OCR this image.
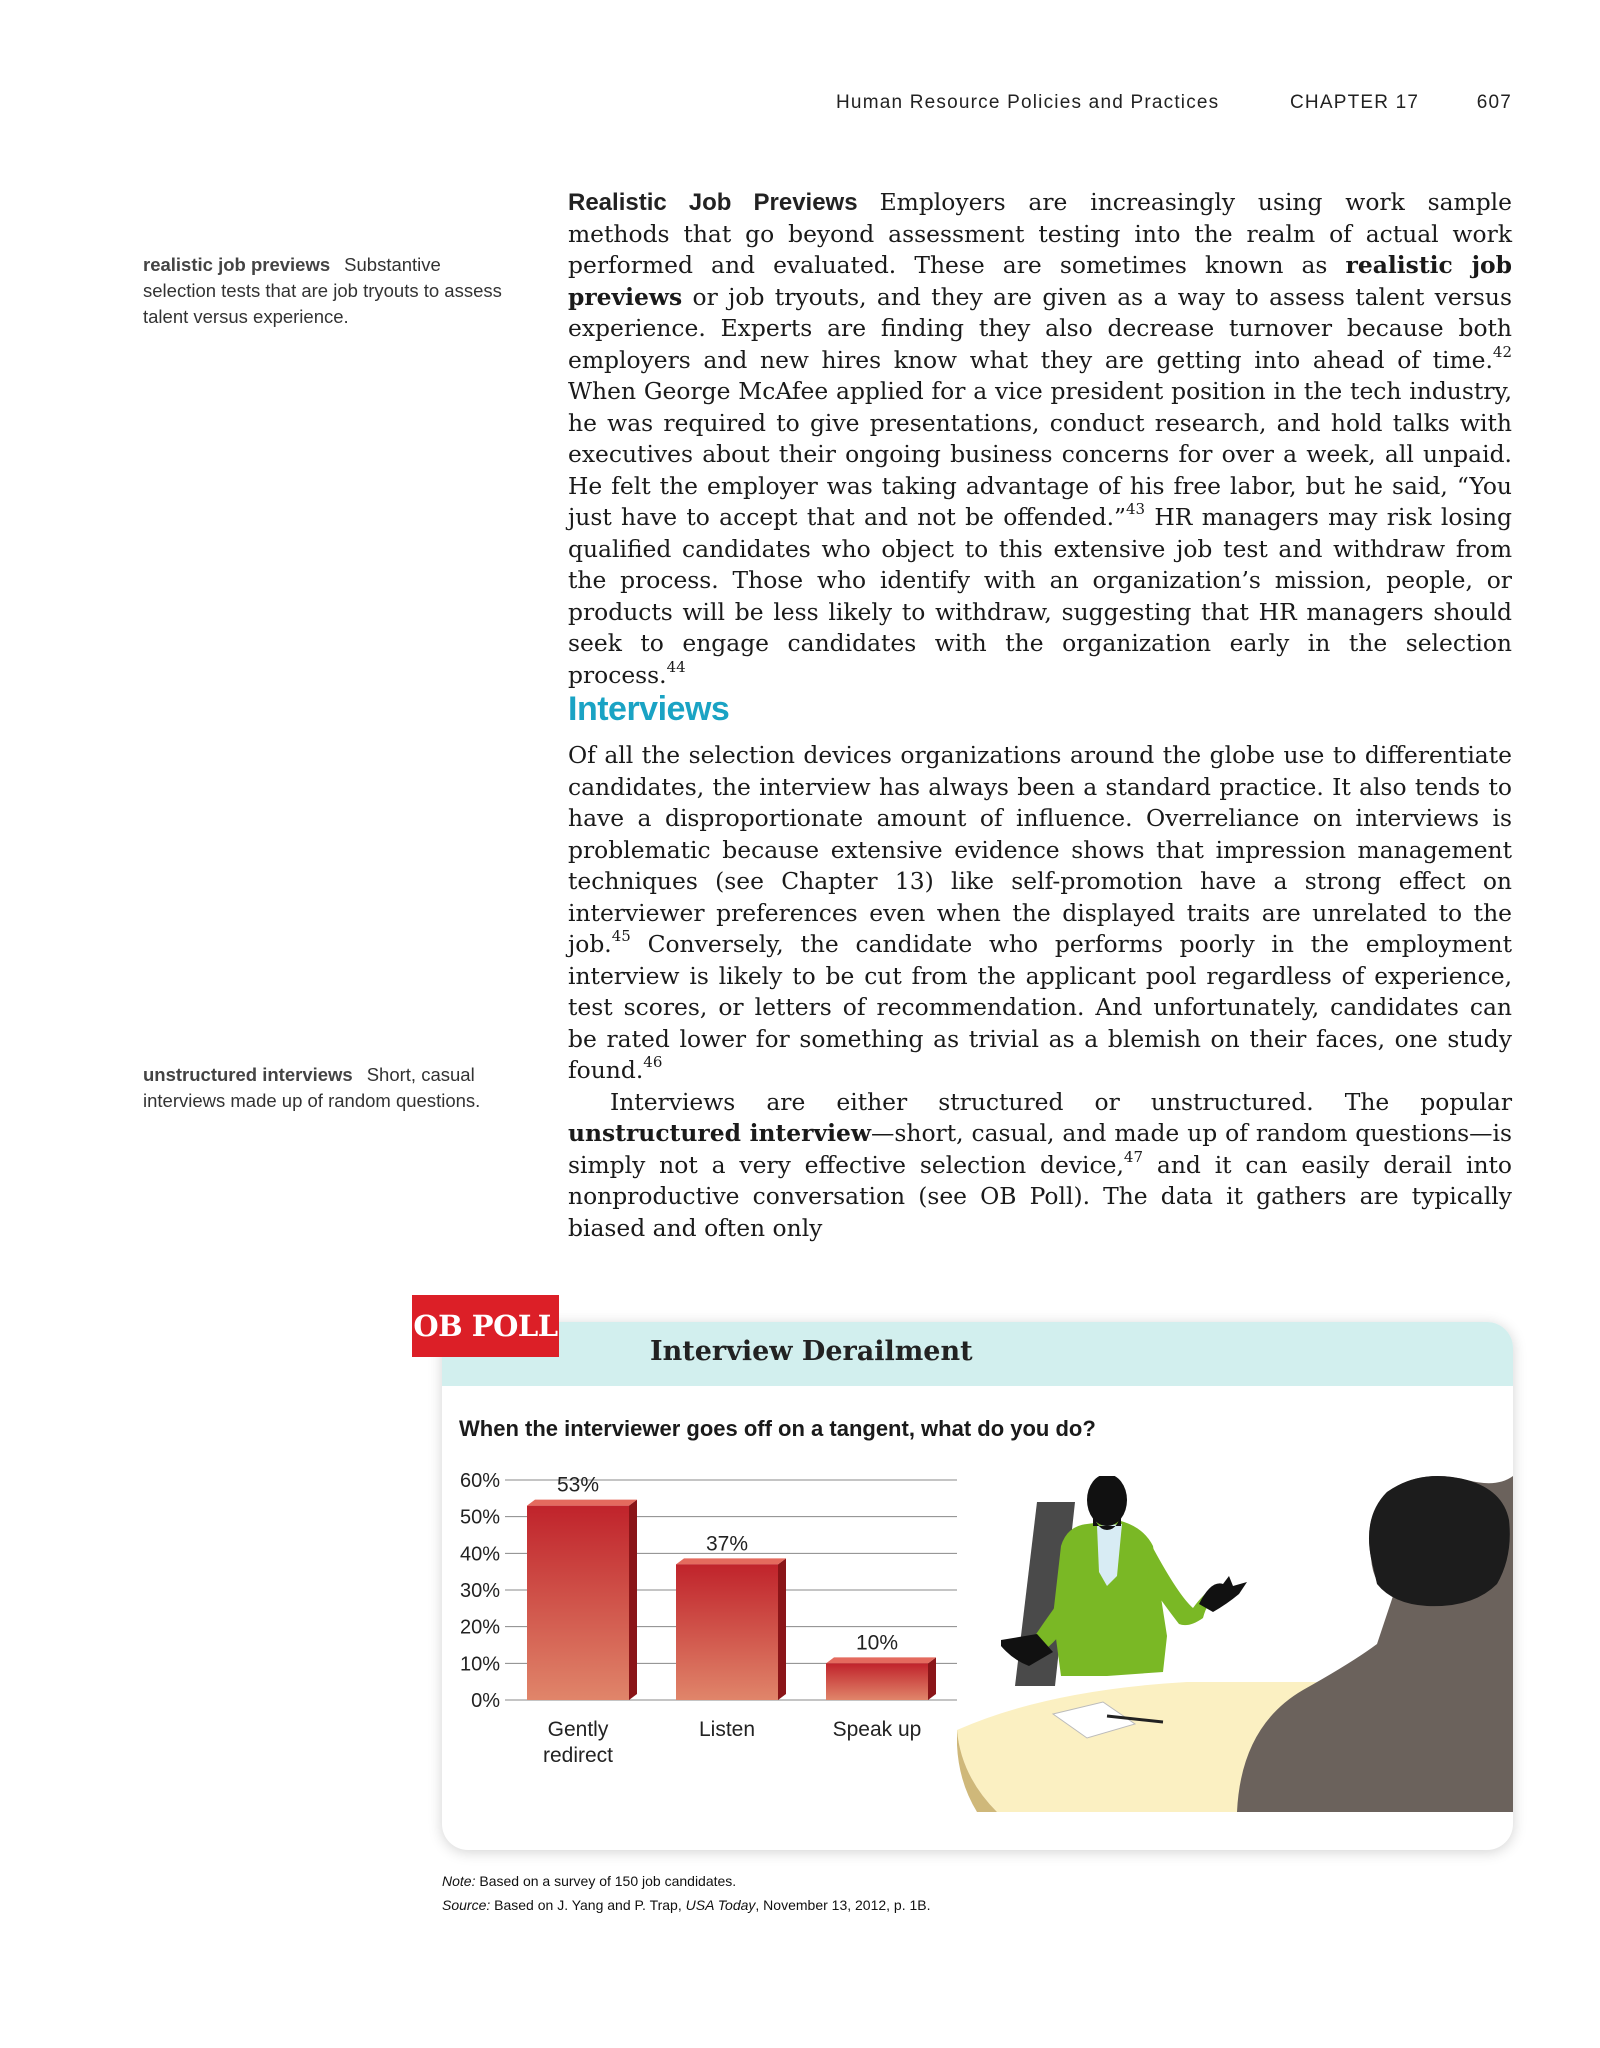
Human Resource Policies and Practices	CHAPTER 17	607
realistic job previews Substantive selection tests that are job tryouts to assess talent versus experience.
unstructured interviews Short, casual interviews made up of random questions.

Realistic Job Previews Employers are increasingly using work sample methods that go beyond assessment testing into the realm of actual work performed and evaluated. These are sometimes known as realistic job previews or job tryouts, and they are given as a way to assess talent versus experience. Experts are finding they also decrease turnover because both employers and new hires know what they are getting into ahead of time.$^{42}$ When George McAfee applied for a vice president position in the tech industry, he was required to give presentations, conduct research, and hold talks with executives about their ongoing business concerns for over a week, all unpaid. He felt the employer was taking advantage of his free labor, but he said, “You just have to accept that and not be offended.”$^{43}$ HR managers may risk losing qualified candidates who object to this extensive job test and withdraw from the process. Those who identify with an organization’s mission, people, or products will be less likely to withdraw, suggesting that HR managers should seek to engage candidates with the organization early in the selection process.$^{44}$

Interviews

Of all the selection devices organizations around the globe use to differentiate candidates, the interview has always been a standard practice. It also tends to have a disproportionate amount of influence. Overreliance on interviews is problematic because extensive evidence shows that impression management techniques (see Chapter 13) like self-promotion have a strong effect on interviewer preferences even when the displayed traits are unrelated to the job.$^{45}$ Conversely, the candidate who performs poorly in the employment interview is likely to be cut from the applicant pool regardless of experience, test scores, or letters of recommendation. And unfortunately, candidates can be rated lower for something as trivial as a blemish on their faces, one study found.$^{46}$

Interviews are either structured or unstructured. The popular unstructured interview—short, casual, and made up of random questions—is simply not a very effective selection device,$^{47}$ and it can easily derail into nonproductive conversation (see OB Poll). The data it gathers are typically biased and often only

OB POLL
Interview Derailment
When the interviewer goes off on a tangent, what do you do?
0%
10%
20%
30%
40%
50%
60%	53%
Gently
redirect
37%
Listen
10%
Speak up
Note: Based on a survey of 150 job candidates.
Source: Based on J. Yang and P. Trap, USA Today, November 13, 2012, p. 1B.
